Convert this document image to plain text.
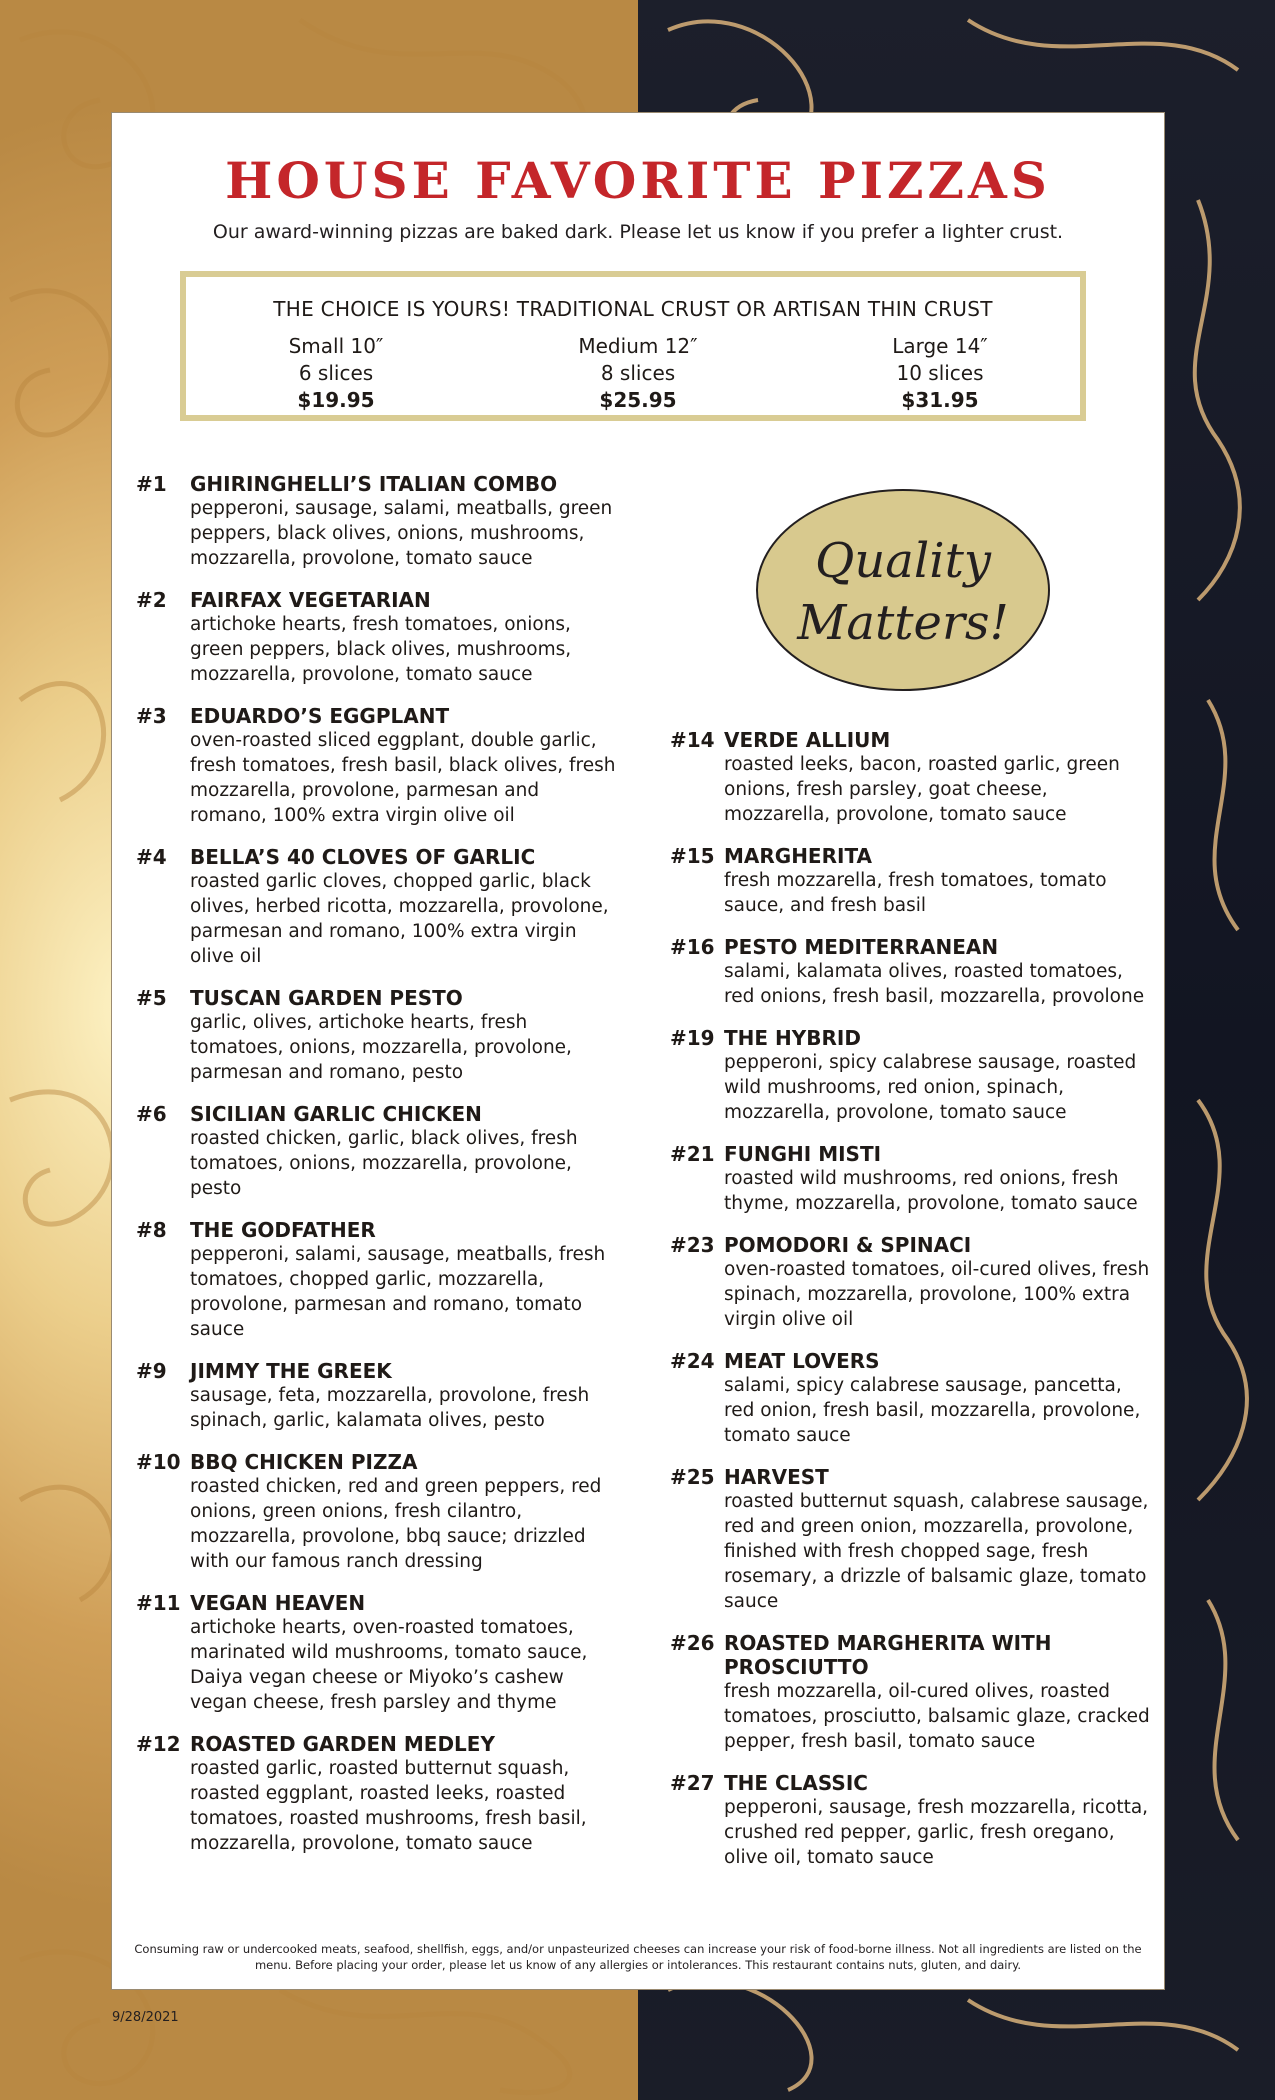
HOUSE FAVORITE PIZZAS
Our award-winning pizzas are baked dark. Please let us know if you prefer a lighter crust.
THE CHOICE IS YOURS! TRADITIONAL CRUST OR ARTISAN THIN CRUST
Small 10″
6 slices
$19.95
Medium 12″
8 slices
$25.95
Large 14″
10 slices
$31.95
Quality
Matters!
#1 GHIRINGHELLI’S ITALIAN COMBO
pepperoni, sausage, salami, meatballs, green peppers, black olives, onions, mushrooms, mozzarella, provolone, tomato sauce
#2 FAIRFAX VEGETARIAN
artichoke hearts, fresh tomatoes, onions, green peppers, black olives, mushrooms, mozzarella, provolone, tomato sauce
#3 EDUARDO’S EGGPLANT
oven-roasted sliced eggplant, double garlic, fresh tomatoes, fresh basil, black olives, fresh mozzarella, provolone, parmesan and romano, 100% extra virgin olive oil
#4 BELLA’S 40 CLOVES OF GARLIC
roasted garlic cloves, chopped garlic, black olives, herbed ricotta, mozzarella, provolone, parmesan and romano, 100% extra virgin olive oil
#5 TUSCAN GARDEN PESTO
garlic, olives, artichoke hearts, fresh tomatoes, onions, mozzarella, provolone, parmesan and romano, pesto
#6 SICILIAN GARLIC CHICKEN
roasted chicken, garlic, black olives, fresh tomatoes, onions, mozzarella, provolone, pesto
#8 THE GODFATHER
pepperoni, salami, sausage, meatballs, fresh tomatoes, chopped garlic, mozzarella, provolone, parmesan and romano, tomato sauce
#9 JIMMY THE GREEK
sausage, feta, mozzarella, provolone, fresh spinach, garlic, kalamata olives, pesto
#10 BBQ CHICKEN PIZZA
roasted chicken, red and green peppers, red onions, green onions, fresh cilantro, mozzarella, provolone, bbq sauce; drizzled with our famous ranch dressing
#11 VEGAN HEAVEN
artichoke hearts, oven-roasted tomatoes, marinated wild mushrooms, tomato sauce, Daiya vegan cheese or Miyoko’s cashew vegan cheese, fresh parsley and thyme
#12 ROASTED GARDEN MEDLEY
roasted garlic, roasted butternut squash, roasted eggplant, roasted leeks, roasted tomatoes, roasted mushrooms, fresh basil, mozzarella, provolone, tomato sauce
#14 VERDE ALLIUM
roasted leeks, bacon, roasted garlic, green onions, fresh parsley, goat cheese, mozzarella, provolone, tomato sauce
#15 MARGHERITA
fresh mozzarella, fresh tomatoes, tomato sauce, and fresh basil
#16 PESTO MEDITERRANEAN
salami, kalamata olives, roasted tomatoes, red onions, fresh basil, mozzarella, provolone
#19 THE HYBRID
pepperoni, spicy calabrese sausage, roasted wild mushrooms, red onion, spinach, mozzarella, provolone, tomato sauce
#21 FUNGHI MISTI
roasted wild mushrooms, red onions, fresh thyme, mozzarella, provolone, tomato sauce
#23 POMODORI & SPINACI
oven-roasted tomatoes, oil-cured olives, fresh spinach, mozzarella, provolone, 100% extra virgin olive oil
#24 MEAT LOVERS
salami, spicy calabrese sausage, pancetta, red onion, fresh basil, mozzarella, provolone, tomato sauce
#25 HARVEST
roasted butternut squash, calabrese sausage, red and green onion, mozzarella, provolone, finished with fresh chopped sage, fresh rosemary, a drizzle of balsamic glaze, tomato sauce
#26 ROASTED MARGHERITA WITH PROSCIUTTO
fresh mozzarella, oil-cured olives, roasted tomatoes, prosciutto, balsamic glaze, cracked pepper, fresh basil, tomato sauce
#27 THE CLASSIC
pepperoni, sausage, fresh mozzarella, ricotta, crushed red pepper, garlic, fresh oregano, olive oil, tomato sauce
Consuming raw or undercooked meats, seafood, shellfish, eggs, and/or unpasteurized cheeses can increase your risk of food-borne illness. Not all ingredients are listed on the menu. Before placing your order, please let us know of any allergies or intolerances. This restaurant contains nuts, gluten, and dairy.
9/28/2021
